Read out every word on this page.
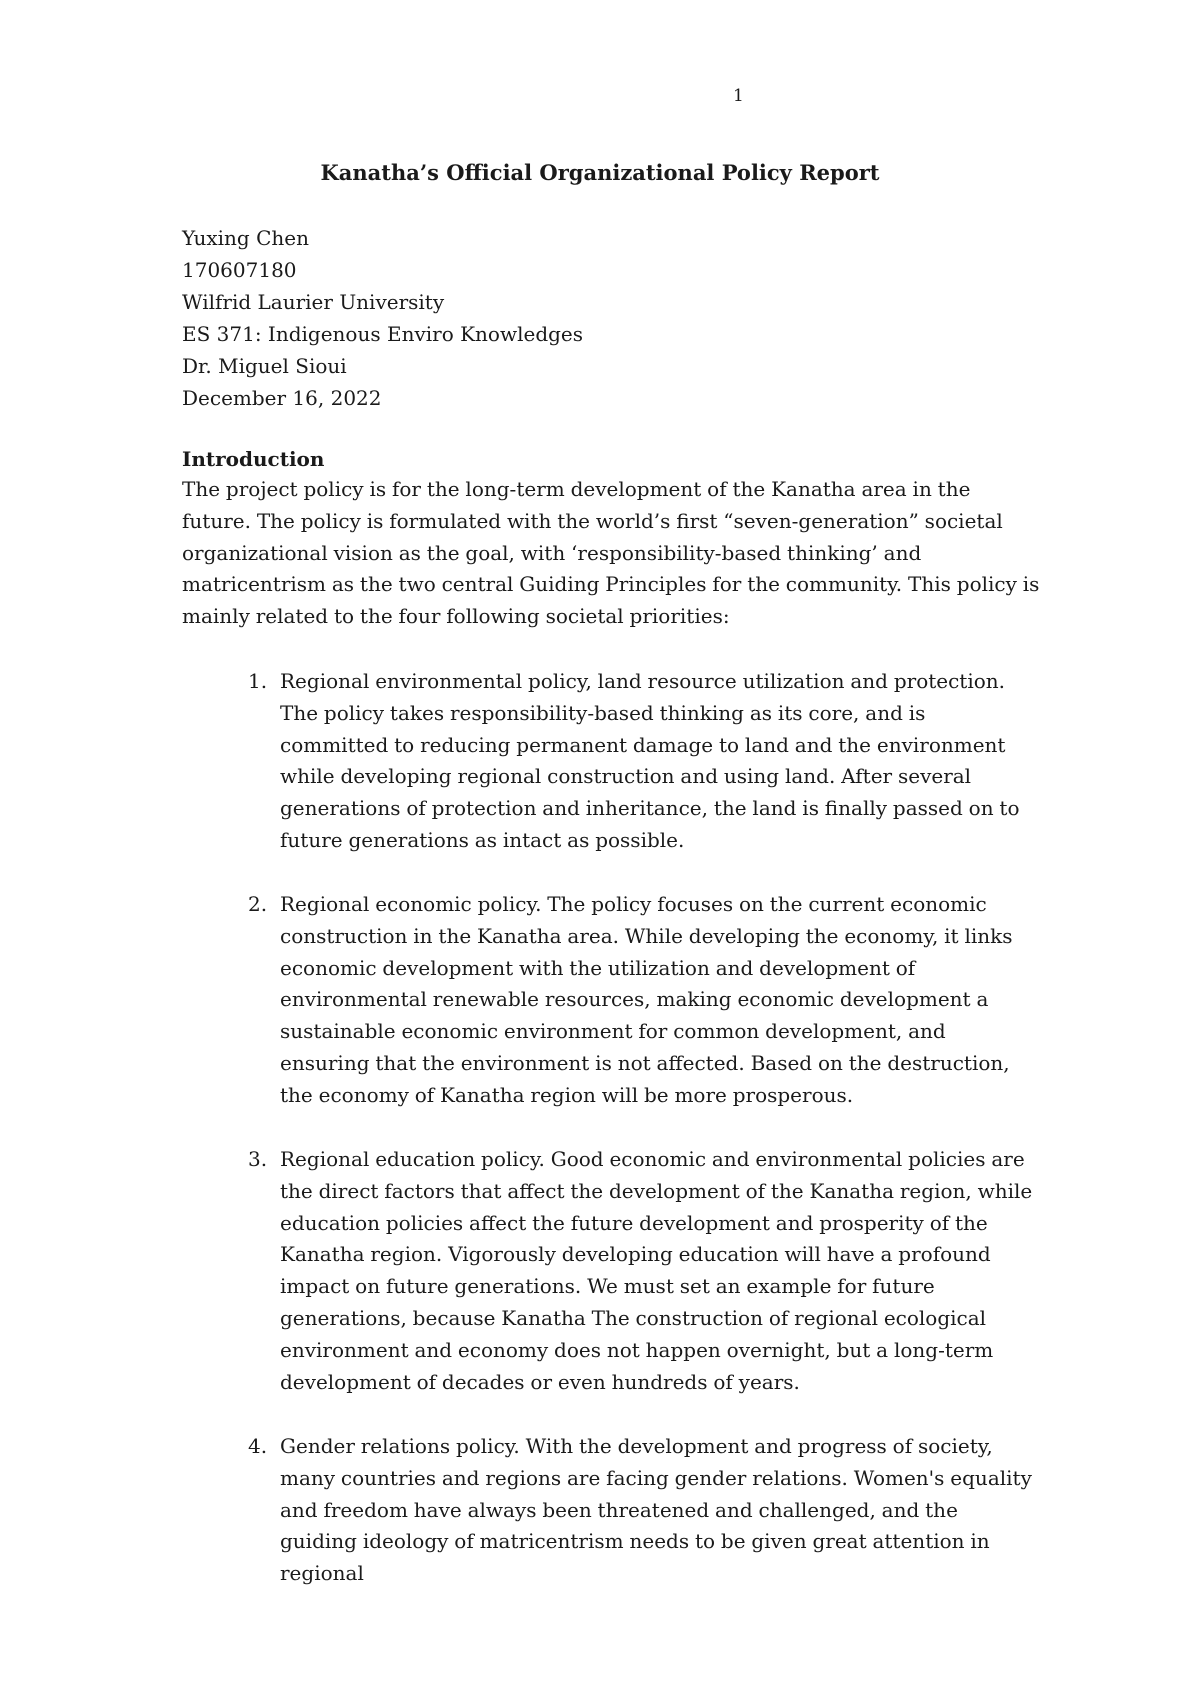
1
Kanatha’s Official Organizational Policy Report
Yuxing Chen
170607180
Wilfrid Laurier University
ES 371: Indigenous Enviro Knowledges
Dr. Miguel Sioui
December 16, 2022
Introduction

The project policy is for the long-term development of the Kanatha area in the future. The policy is formulated with the world’s first “seven-generation” societal organizational vision as the goal, with ‘responsibility-based thinking’ and matricentrism as the two central Guiding Principles for the community. This policy is mainly related to the four following societal priorities:

1. Regional environmental policy, land resource utilization and protection. The policy takes responsibility-based thinking as its core, and is committed to reducing permanent damage to land and the environment while developing regional construction and using land. After several generations of protection and inheritance, the land is finally passed on to future generations as intact as possible.
2. Regional economic policy. The policy focuses on the current economic construction in the Kanatha area. While developing the economy, it links economic development with the utilization and development of environmental renewable resources, making economic development a sustainable economic environment for common development, and ensuring that the environment is not affected. Based on the destruction, the economy of Kanatha region will be more prosperous.
3. Regional education policy. Good economic and environmental policies are the direct factors that affect the development of the Kanatha region, while education policies affect the future development and prosperity of the Kanatha region. Vigorously developing education will have a profound impact on future generations. We must set an example for future generations, because Kanatha The construction of regional ecological environment and economy does not happen overnight, but a long-term development of decades or even hundreds of years.
4. Gender relations policy. With the development and progress of society, many countries and regions are facing gender relations. Women's equality and freedom have always been threatened and challenged, and the guiding ideology of matricentrism needs to be given great attention in regional
